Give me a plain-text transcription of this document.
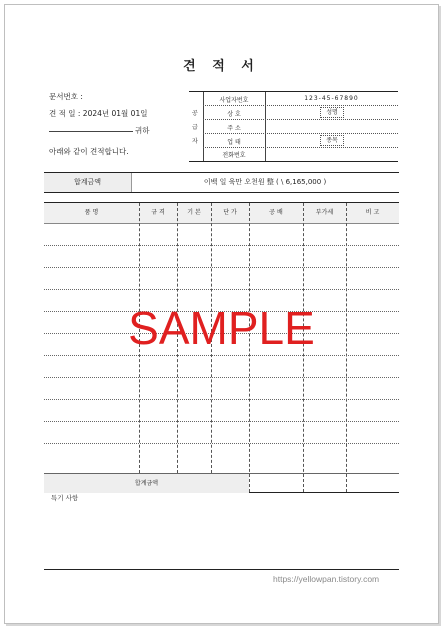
견 적 서
문서번호 :
견 적 일 : 2024년 01월 01일
귀하
아래와 같이 견적합니다.
공
급
자
사업자번호	123-45-67890
상 호	성명
주 소
업 태	종목
전화번호
합계금액	이백 일 육만 오천원 整 ( \ 6,165,000 )
품 명	규 격	기 본	단 가	공 배	부가세	비 고
합계금액
특기 사항
https://yellowpan.tistory.com
SAMPLE
